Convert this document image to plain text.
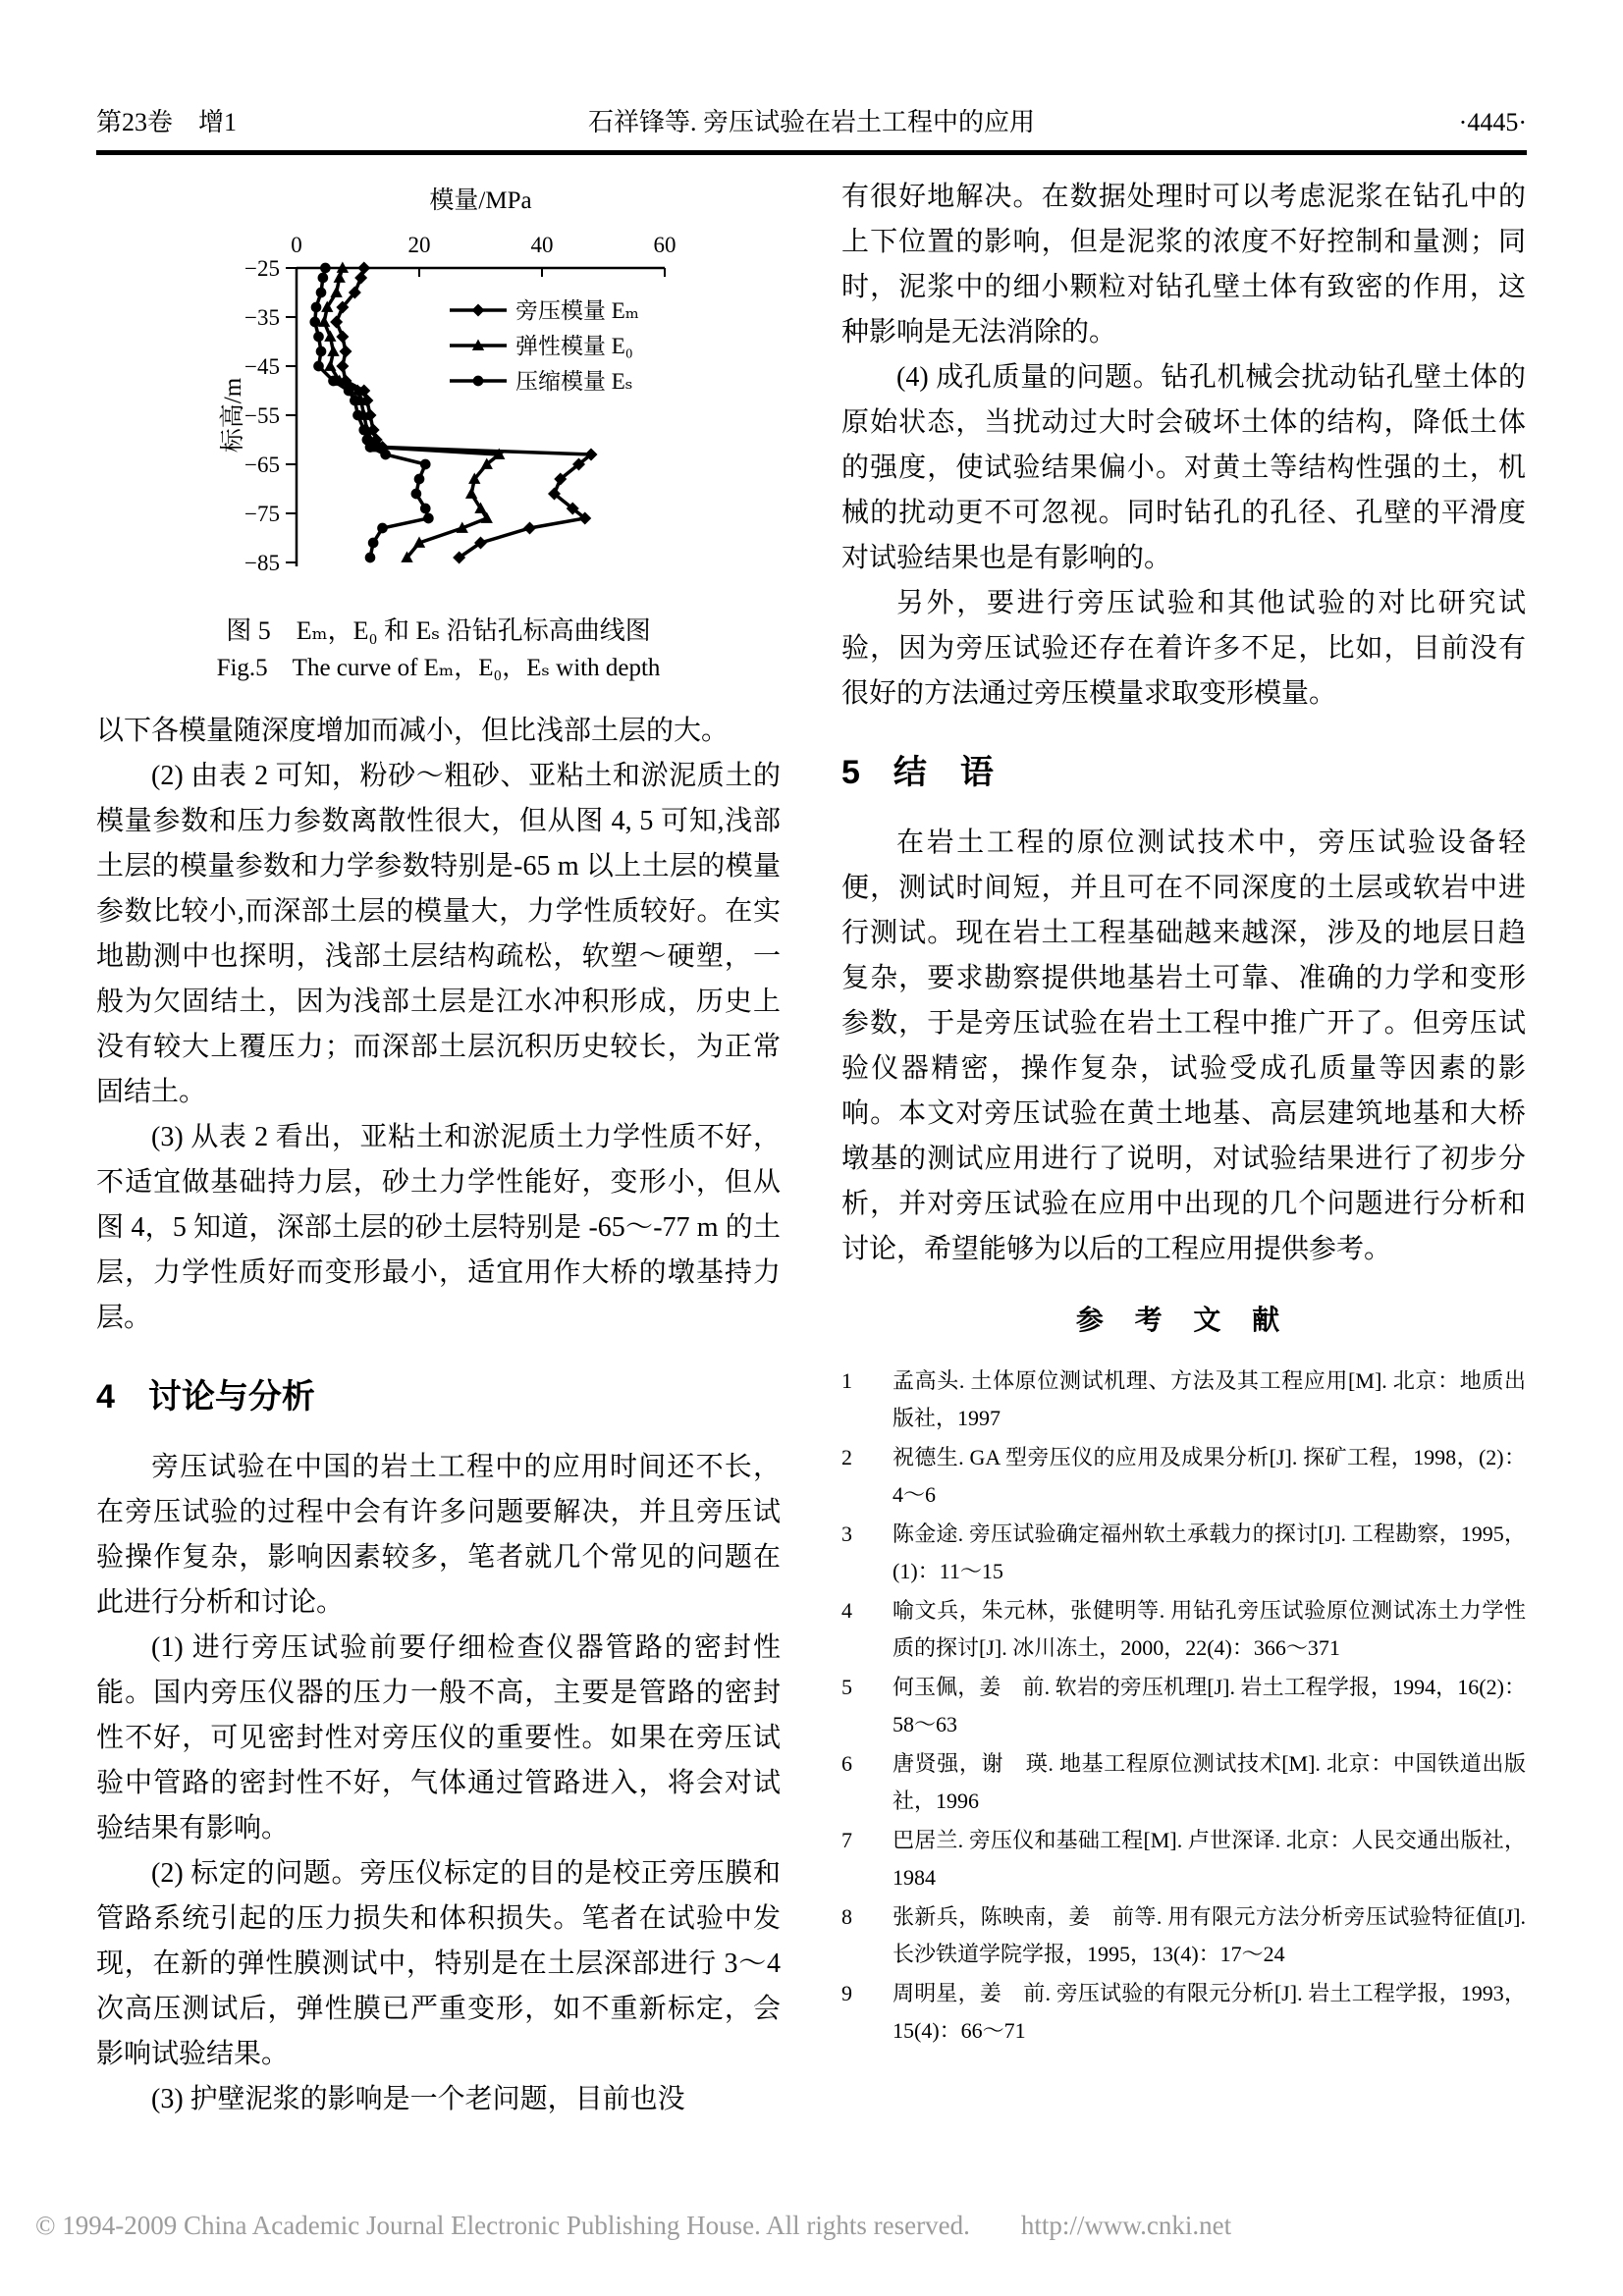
第23卷　增1	石祥锋等. 旁压试验在岩土工程中的应用	·4445·
0	20	40	60
−25
−35
−45
−55
−65
−75
−85
模量/MPa
标高/m
旁压模量 Eₘ
弹性模量 E₀
压缩模量 Eₛ
图 5　Eₘ，E₀ 和 Eₛ 沿钻孔标高曲线图
Fig.5　The curve of Eₘ，E₀，Eₛ with depth

以下各模量随深度增加而减小，但比浅部土层的大。

(2) 由表 2 可知，粉砂～粗砂、亚粘土和淤泥质土的模量参数和压力参数离散性很大，但从图 4, 5 可知,浅部土层的模量参数和力学参数特别是-65 m 以上土层的模量参数比较小,而深部土层的模量大，力学性质较好。在实地勘测中也探明，浅部土层结构疏松，软塑～硬塑，一般为欠固结土，因为浅部土层是江水冲积形成，历史上没有较大上覆压力；而深部土层沉积历史较长，为正常固结土。

(3) 从表 2 看出，亚粘土和淤泥质土力学性质不好，不适宜做基础持力层，砂土力学性能好，变形小，但从图 4，5 知道，深部土层的砂土层特别是 -65～-77 m 的土层，力学性质好而变形最小，适宜用作大桥的墩基持力层。

4　讨论与分析

旁压试验在中国的岩土工程中的应用时间还不长，在旁压试验的过程中会有许多问题要解决，并且旁压试验操作复杂，影响因素较多，笔者就几个常见的问题在此进行分析和讨论。

(1) 进行旁压试验前要仔细检查仪器管路的密封性能。国内旁压仪器的压力一般不高，主要是管路的密封性不好，可见密封性对旁压仪的重要性。如果在旁压试验中管路的密封性不好，气体通过管路进入，将会对试验结果有影响。

(2) 标定的问题。旁压仪标定的目的是校正旁压膜和管路系统引起的压力损失和体积损失。笔者在试验中发现，在新的弹性膜测试中，特别是在土层深部进行 3～4 次高压测试后，弹性膜已严重变形，如不重新标定，会影响试验结果。

(3) 护壁泥浆的影响是一个老问题，目前也没

有很好地解决。在数据处理时可以考虑泥浆在钻孔中的上下位置的影响，但是泥浆的浓度不好控制和量测；同时，泥浆中的细小颗粒对钻孔壁土体有致密的作用，这种影响是无法消除的。

(4) 成孔质量的问题。钻孔机械会扰动钻孔壁土体的原始状态，当扰动过大时会破坏土体的结构，降低土体的强度，使试验结果偏小。对黄土等结构性强的土，机械的扰动更不可忽视。同时钻孔的孔径、孔壁的平滑度对试验结果也是有影响的。

另外，要进行旁压试验和其他试验的对比研究试验，因为旁压试验还存在着许多不足，比如，目前没有很好的方法通过旁压模量求取变形模量。

5　结　语

在岩土工程的原位测试技术中，旁压试验设备轻便，测试时间短，并且可在不同深度的土层或软岩中进行测试。现在岩土工程基础越来越深，涉及的地层日趋复杂，要求勘察提供地基岩土可靠、准确的力学和变形参数，于是旁压试验在岩土工程中推广开了。但旁压试验仪器精密，操作复杂，试验受成孔质量等因素的影响。本文对旁压试验在黄土地基、高层建筑地基和大桥墩基的测试应用进行了说明，对试验结果进行了初步分析，并对旁压试验在应用中出现的几个问题进行分析和讨论，希望能够为以后的工程应用提供参考。

参 考 文 献
1	孟高头. 土体原位测试机理、方法及其工程应用[M]. 北京：地质出版社，1997
2	祝德生. GA 型旁压仪的应用及成果分析[J]. 探矿工程，1998，(2)：4～6
3	陈金途. 旁压试验确定福州软土承载力的探讨[J]. 工程勘察，1995，(1)：11～15
4	喻文兵，朱元林，张健明等. 用钻孔旁压试验原位测试冻土力学性质的探讨[J]. 冰川冻土，2000，22(4)：366～371
5	何玉佩，姜　前. 软岩的旁压机理[J]. 岩土工程学报，1994，16(2)：58～63
6	唐贤强，谢　瑛. 地基工程原位测试技术[M]. 北京：中国铁道出版社，1996
7	巴居兰. 旁压仪和基础工程[M]. 卢世深译. 北京：人民交通出版社，1984
8	张新兵，陈映南，姜　前等. 用有限元方法分析旁压试验特征值[J]. 长沙铁道学院学报，1995，13(4)：17～24
9	周明星，姜　前. 旁压试验的有限元分析[J]. 岩土工程学报，1993，15(4)：66～71
© 1994-2009 China Academic Journal Electronic Publishing House. All rights reserved. http://www.cnki.net
